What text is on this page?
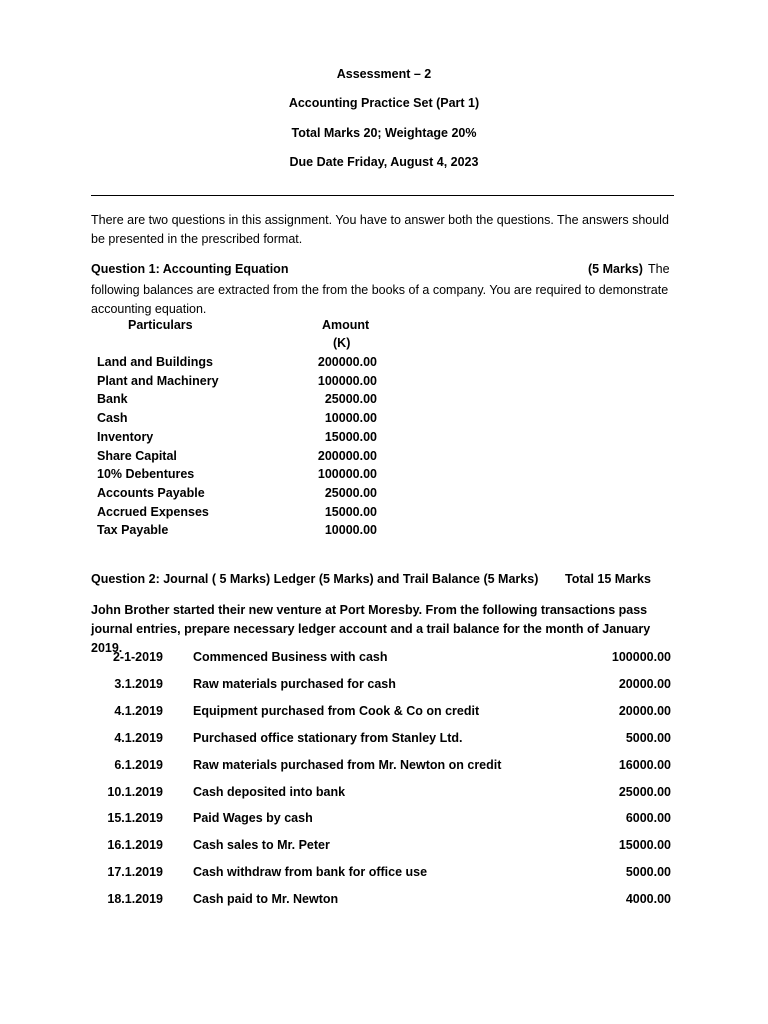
Assessment – 2
Accounting Practice Set (Part 1)
Total Marks 20; Weightage 20%
Due Date Friday, August 4, 2023
There are two questions in this assignment. You have to answer both the questions. The answers should be presented in the prescribed format.
Question 1: Accounting Equation	(5 Marks) The
following balances are extracted from the from the books of a company. You are required to demonstrate accounting equation.
Particulars	Amount
(K)
Land and Buildings	200000.00
Plant and Machinery	100000.00
Bank	25000.00
Cash	10000.00
Inventory	15000.00
Share Capital	200000.00
10% Debentures	100000.00
Accounts Payable	25000.00
Accrued Expenses	15000.00
Tax Payable	10000.00
Question 2: Journal ( 5 Marks) Ledger (5 Marks) and Trail Balance (5 Marks) Total 15 Marks
John Brother started their new venture at Port Moresby. From the following transactions pass journal entries, prepare necessary ledger account and a trail balance for the month of January 2019.
2-1-2019 Commenced Business with cash	100000.00
3.1.2019 Raw materials purchased for cash	20000.00
4.1.2019 Equipment purchased from Cook & Co on credit	20000.00
4.1.2019 Purchased office stationary from Stanley Ltd.	5000.00
6.1.2019 Raw materials purchased from Mr. Newton on credit	16000.00
10.1.2019 Cash deposited into bank	25000.00
15.1.2019 Paid Wages by cash	6000.00
16.1.2019 Cash sales to Mr. Peter	15000.00
17.1.2019 Cash withdraw from bank for office use	5000.00
18.1.2019 Cash paid to Mr. Newton	4000.00
